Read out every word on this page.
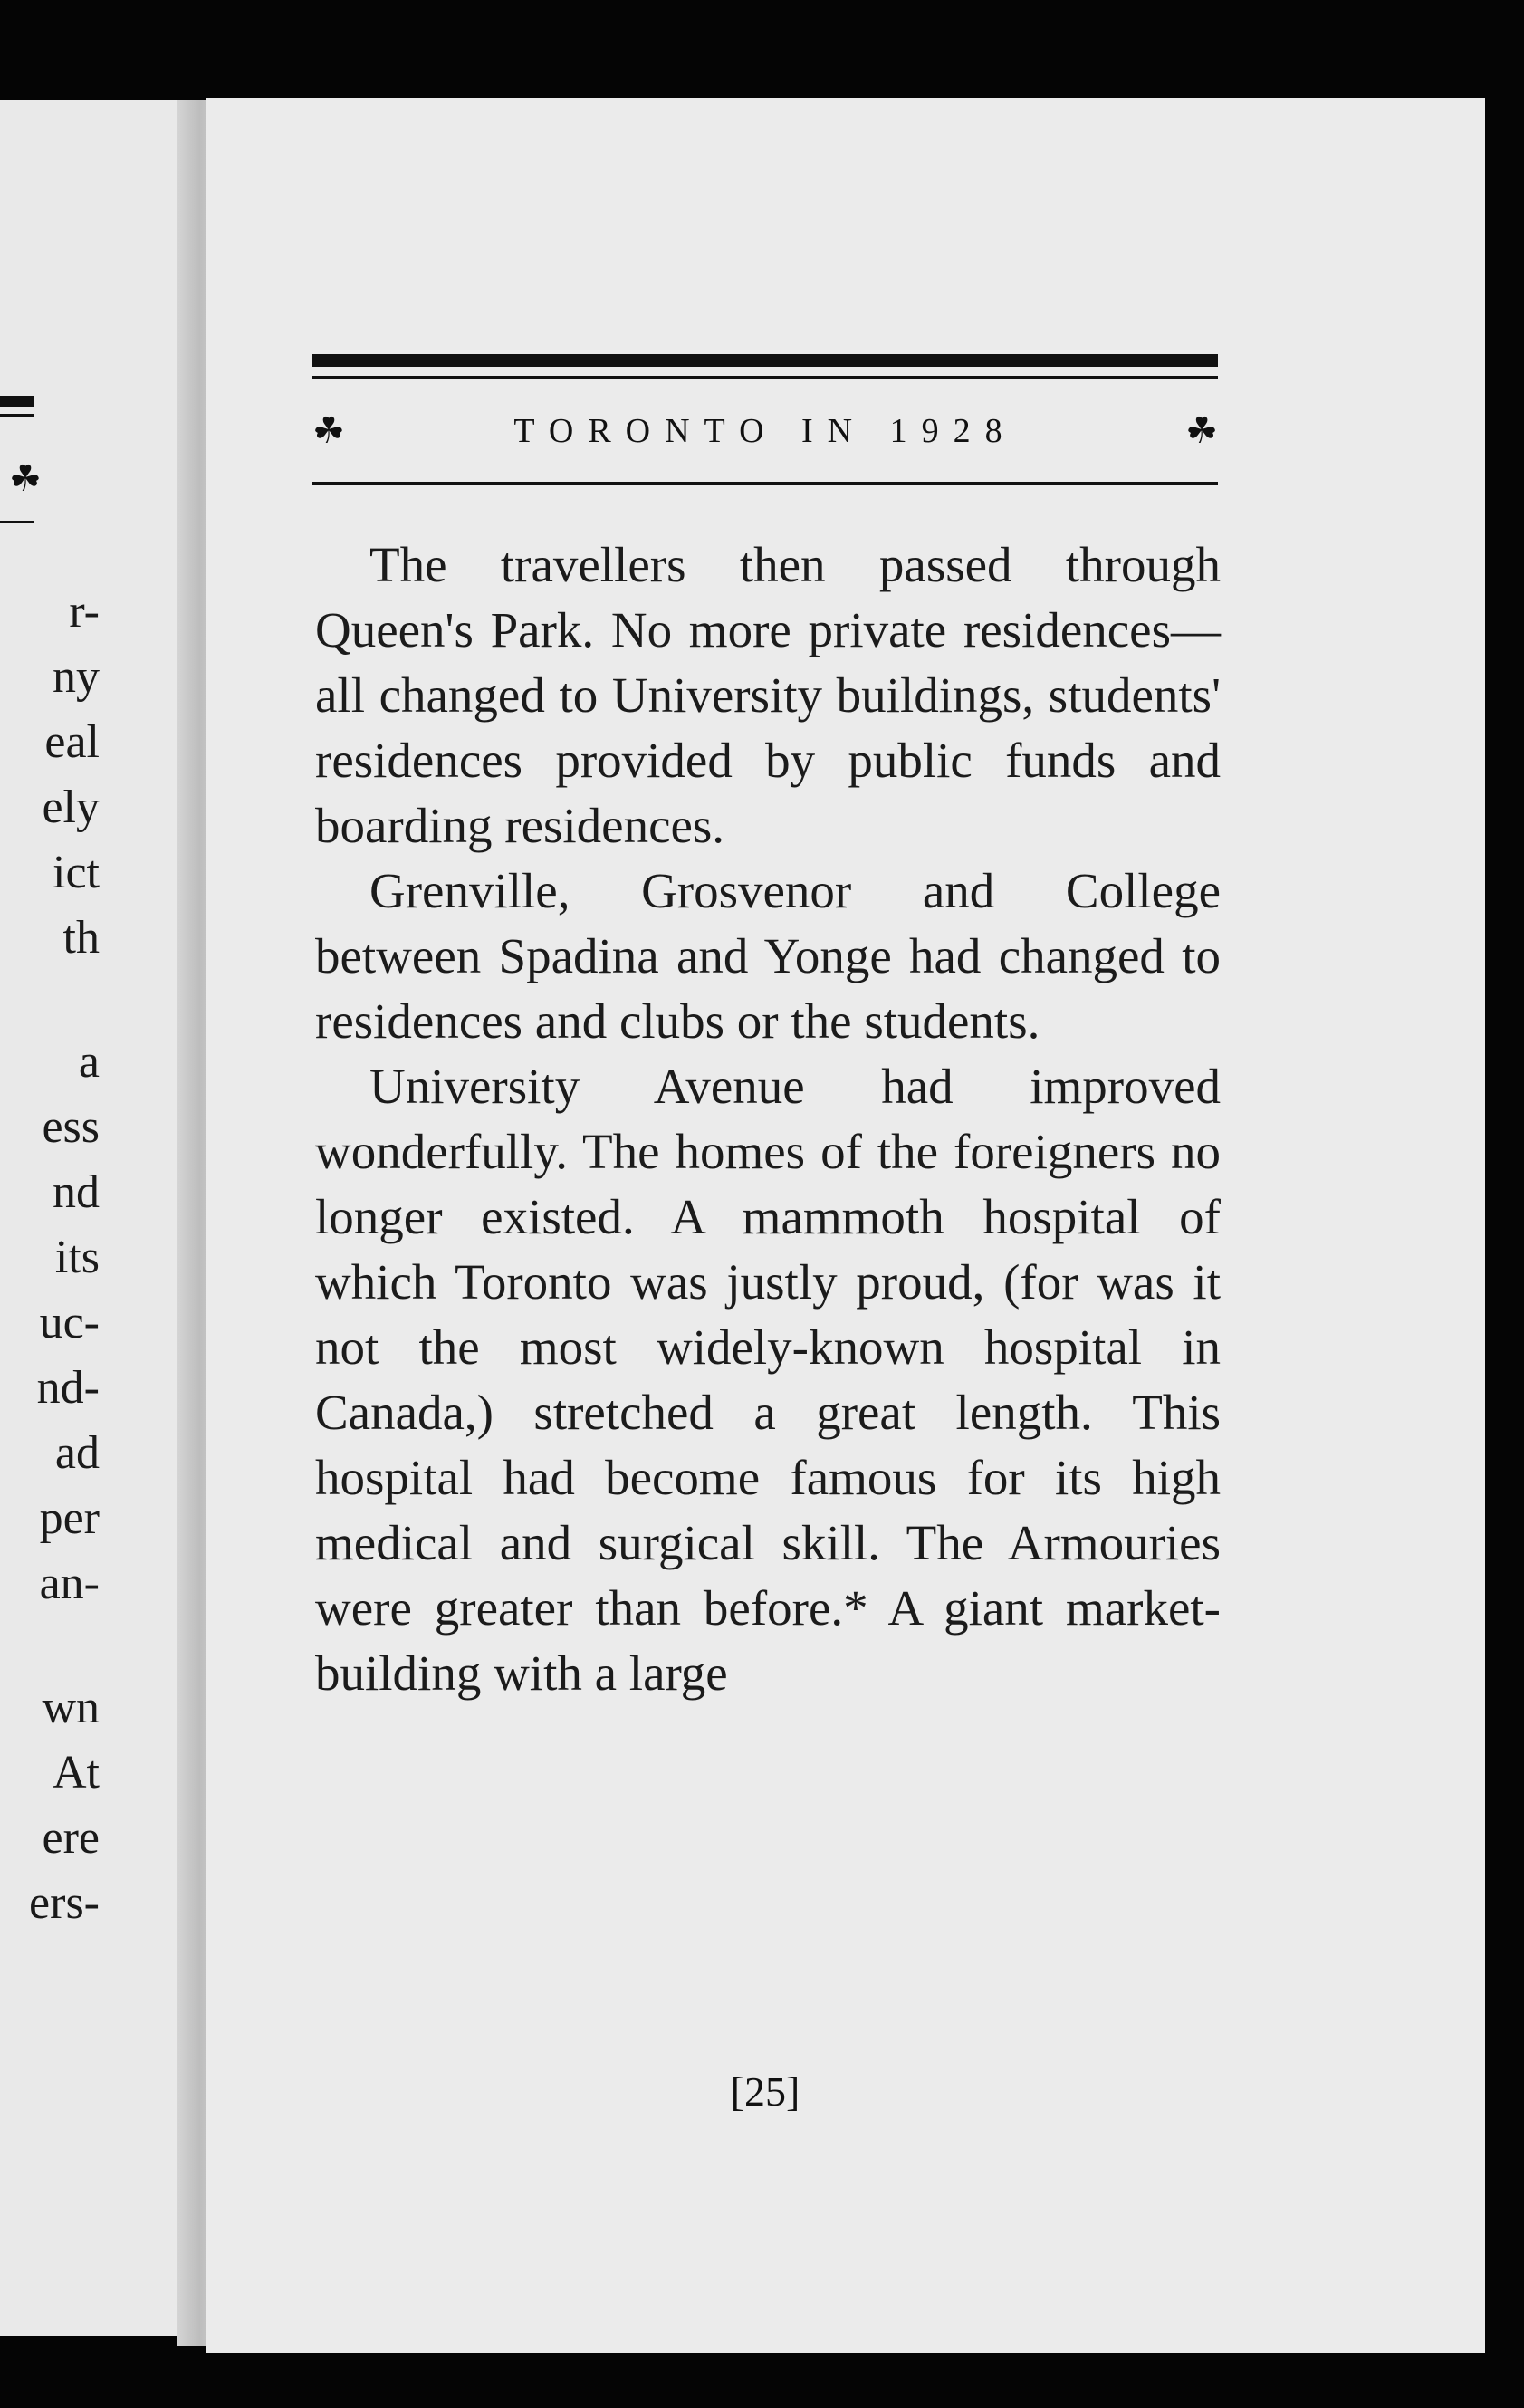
☘
r-
ny
eal
ely
ict
th
a
ess
nd
its
uc-
nd-
ad
per
an-
wn
At
ere
ers-
☘	TORONTO IN 1928	☘

The travellers then passed through Queen's Park. No more private residences—all changed to University buildings, students' residences provided by public funds and boarding residences.

Grenville, Grosvenor and College between Spadina and Yonge had changed to residences and clubs or the students.

University Avenue had improved wonderfully. The homes of the foreigners no longer existed. A mammoth hospital of which Toronto was justly proud, (for was it not the most widely-known hospital in Canada,) stretched a great length. This hospital had become famous for its high medical and surgical skill. The Armouries were greater than before.* A giant market-building with a large

[25]
